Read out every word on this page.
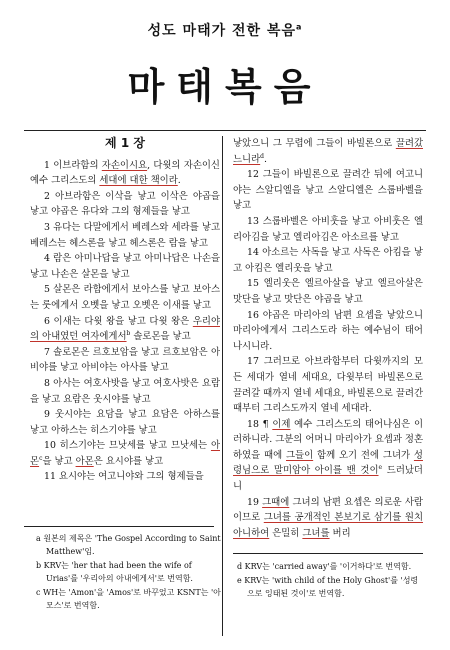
성도 마태가 전한 복음$^a$
마태복음
제 1 장

1 이브라함의 자손이시요, 다윗의 자손이신 예수 그리스도의 세대에 대한 책이라.

2 아브라함은 이삭을 낳고 이삭은 야곱을 낳고 야곱은 유다와 그의 형제들을 낳고

3 유다는 다말에게서 베레스와 세라를 낳고 베레스는 헤스론을 낳고 헤스론은 람을 낳고

4 람은 아미나답을 낳고 아미나답은 나손을 낳고 나손은 살몬을 낳고

5 살몬은 라합에게서 보아스를 낳고 보아스는 룻에게서 오벳을 낳고 오벳은 이새를 낳고

6 이새는 다윗 왕을 낳고 다윗 왕은 우리야의 아내였던 여자에게서$^b$ 솔로몬을 낳고

7 솔로몬은 르호보암을 낳고 르호보암은 아비야를 낳고 아비야는 아사를 낳고

8 아사는 여호사밧을 낳고 여호사밧은 요람을 낳고 요람은 웃시야를 낳고

9 웃시야는 요담을 낳고 요담은 아하스를 낳고 아하스는 히스기야를 낳고

10 히스기야는 므낫세를 낳고 므낫세는 아몬$^c$을 낳고 아몬은 요시야를 낳고

11 요시야는 여고니야와 그의 형제들을

낳았으니 그 무렵에 그들이 바빌론으로 끌려갔느니라$^d$.

12 그들이 바빌론으로 끌려간 뒤에 여고니야는 스알디엘을 낳고 스알디엘은 스룹바벨을 낳고

13 스룹바벨은 아비훗을 낳고 아비훗은 엘리아김을 낳고 엘리아김은 아소르를 낳고

14 아소르는 사독을 낳고 사독은 아킴을 낳고 아킴은 엘리웃을 낳고

15 엘리웃은 엘르아살을 낳고 엘르아살은 맛단을 낳고 맛단은 야곱을 낳고

16 야곱은 마리아의 남편 요셉을 낳았으니 마리아에게서 그리스도라 하는 예수님이 태어나시니라.

17 그러므로 아브라함부터 다윗까지의 모든 세대가 열네 세대요, 다윗부터 바빌론으로 끌려갈 때까지 열네 세대요, 바빌론으로 끌려간 때부터 그리스도까지 열네 세대라.

18 ¶ 이제 예수 그리스도의 태어나심은 이러하니라. 그분의 어머니 마리아가 요셉과 정혼하였을 때에 그들이 함께 오기 전에 그녀가 성령님으로 말미암아 아이를 밴 것이$^e$ 드러났더니

19 그때에 그녀의 남편 요셉은 의로운 사람이므로 그녀를 공개적인 본보기로 삼기를 원치 아니하여 은밀히 그녀를 버리

a 원본의 제목은 'The Gospel According to Saint Matthew'임.

b KRV는 'her that had been the wife of Urias'를 '우리아의 아내에게서'로 번역함.

c WH는 'Amon'을 'Amos'로 바꾸었고 KSNT는 '아모스'로 번역함.

d KRV는 'carried away'를 '이거하다'로 번역함.

e KRV는 'with child of the Holy Ghost'를 '성령으로 잉태된 것이'로 번역함.
